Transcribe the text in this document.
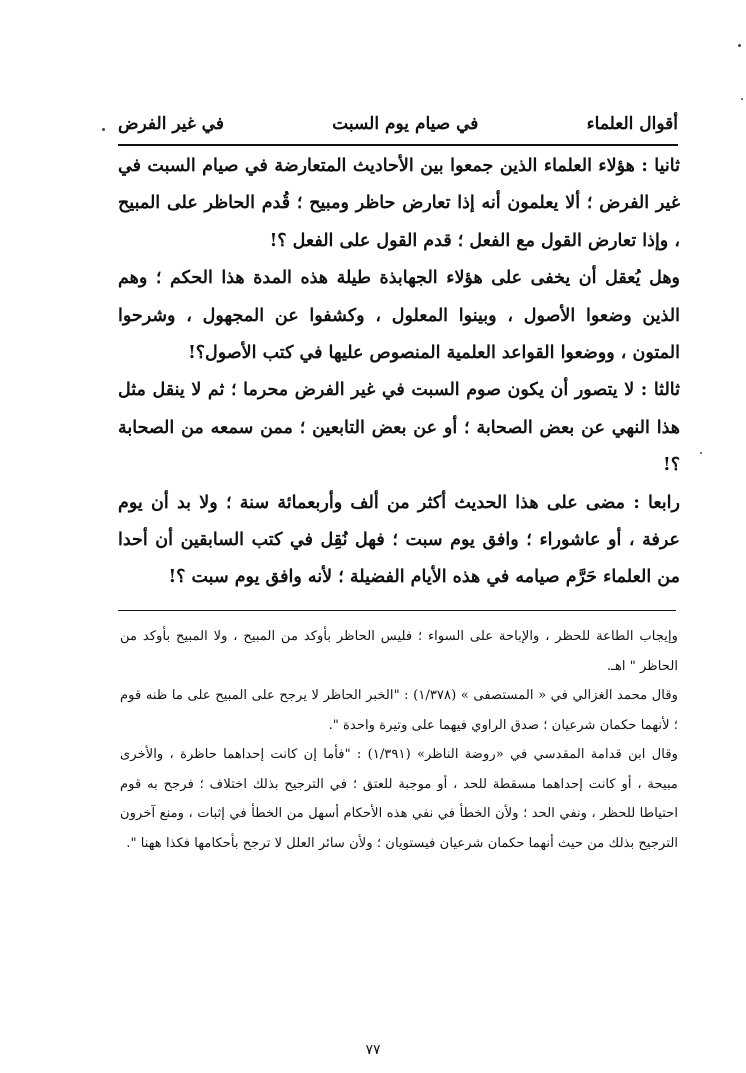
أقوال العلماء
في صيام يوم السبت
في غير الفرض

ثانيا : هؤلاء العلماء الذين جمعوا بين الأحاديث المتعارضة في صيام السبت في غير الفرض ؛ ألا يعلمون أنه إذا تعارض حاظر ومبيح ؛ قُدم الحاظر على المبيح ، وإذا تعارض القول مع الفعل ؛ قدم القول على الفعل ؟!

وهل يُعقل أن يخفى على هؤلاء الجهابذة طيلة هذه المدة هذا الحكم ؛ وهم الذين وضعوا الأصول ، وبينوا المعلول ، وكشفوا عن المجهول ، وشرحوا المتون ، ووضعوا القواعد العلمية المنصوص عليها في كتب الأصول؟!

ثالثا : لا يتصور أن يكون صوم السبت في غير الفرض محرما ؛ ثم لا ينقل مثل هذا النهي عن بعض الصحابة ؛ أو عن بعض التابعين ؛ ممن سمعه من الصحابة ؟!

رابعا : مضى على هذا الحديث أكثر من ألف وأربعمائة سنة ؛ ولا بد أن يوم عرفة ، أو عاشوراء ؛ وافق يوم سبت ؛ فهل نُقِل في كتب السابقين أن أحدا من العلماء حَرَّم صيامه في هذه الأيام الفضيلة ؛ لأنه وافق يوم سبت ؟!

وإيجاب الطاعة للحظر ، والإباحة على السواء ؛ فليس الحاظر بأوكد من المبيح ، ولا المبيح بأوكد من الحاظر " اهـ.

وقال محمد الغزالي في « المستصفى » (١/٣٧٨) : "الخبر الحاظر لا يرجح على المبيح على ما ظنه قوم ؛ لأنهما حكمان شرعيان ؛ صدق الراوي فيهما على وتيرة واحدة ".

وقال ابن قدامة المقدسي في «روضة الناظر» (١/٣٩١) : "فأما إن كانت إحداهما حاظرة ، والأخرى مبيحة ، أو كانت إحداهما مسقطة للحد ، أو موجبة للعتق ؛ في الترجيح بذلك اختلاف ؛ فرجح به قوم احتياطا للحظر ، ونفي الحد ؛ ولأن الخطأ في نفي هذه الأحكام أسهل من الخطأ في إثبات ، ومنع آخرون الترجيح بذلك من حيث أنهما حكمان شرعيان فيستويان ؛ ولأن سائر العلل لا ترجح بأحكامها فكذا ههنا ".

٧٧
